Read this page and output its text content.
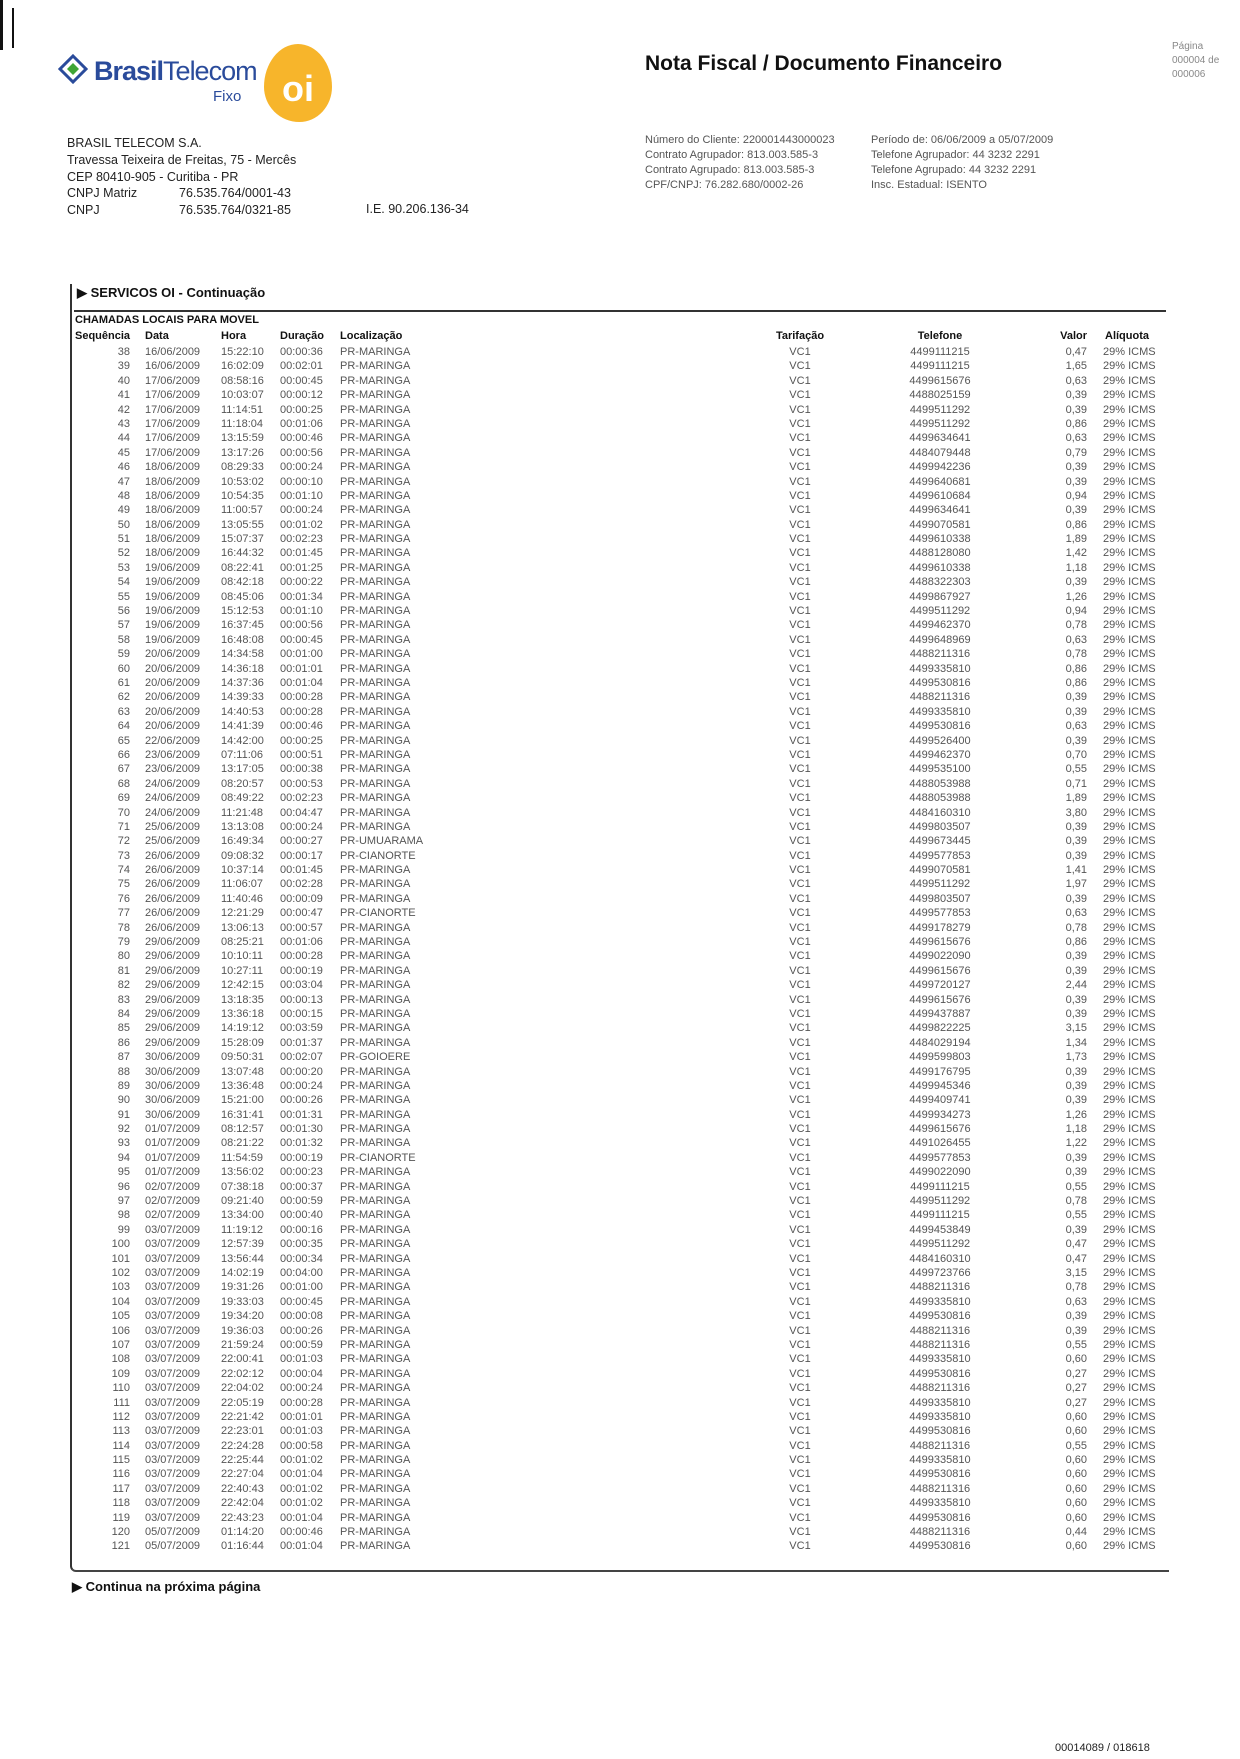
BrasilTelecom
Fixo	oi
Nota Fiscal / Documento Financeiro
Página
000004 de
000006
BRASIL TELECOM S.A.
Travessa Teixeira de Freitas, 75 - Mercês
CEP 80410-905 - Curitiba - PR
CNPJ Matriz	76.535.764/0001-43
CNPJ	76.535.764/0321-85	I.E. 90.206.136-34
Número do Cliente: 220001443000023
Contrato Agrupador: 813.003.585-3
Contrato Agrupado: 813.003.585-3
CPF/CNPJ: 76.282.680/0002-26
Período de: 06/06/2009 a 05/07/2009
Telefone Agrupador: 44 3232 2291
Telefone Agrupado: 44 3232 2291
Insc. Estadual: ISENTO
▶ SERVICOS OI - Continuação
CHAMADAS LOCAIS PARA MOVEL
Sequência Data	Hora	Duração Localização	Tarifação	Telefone	Valor Alíquota
38 16/06/2009 15:22:10 00:00:36 PR-MARINGA	VC1	4499111215	0,47 29% ICMS
39 16/06/2009 16:02:09 00:02:01 PR-MARINGA	VC1	4499111215	1,65 29% ICMS
40 17/06/2009 08:58:16 00:00:45 PR-MARINGA	VC1	4499615676	0,63 29% ICMS
41 17/06/2009 10:03:07 00:00:12 PR-MARINGA	VC1	4488025159	0,39 29% ICMS
42 17/06/2009 11:14:51 00:00:25 PR-MARINGA	VC1	4499511292	0,39 29% ICMS
43 17/06/2009 11:18:04 00:01:06 PR-MARINGA	VC1	4499511292	0,86 29% ICMS
44 17/06/2009 13:15:59 00:00:46 PR-MARINGA	VC1	4499634641	0,63 29% ICMS
45 17/06/2009 13:17:26 00:00:56 PR-MARINGA	VC1	4484079448	0,79 29% ICMS
46 18/06/2009 08:29:33 00:00:24 PR-MARINGA	VC1	4499942236	0,39 29% ICMS
47 18/06/2009 10:53:02 00:00:10 PR-MARINGA	VC1	4499640681	0,39 29% ICMS
48 18/06/2009 10:54:35 00:01:10 PR-MARINGA	VC1	4499610684	0,94 29% ICMS
49 18/06/2009 11:00:57 00:00:24 PR-MARINGA	VC1	4499634641	0,39 29% ICMS
50 18/06/2009 13:05:55 00:01:02 PR-MARINGA	VC1	4499070581	0,86 29% ICMS
51 18/06/2009 15:07:37 00:02:23 PR-MARINGA	VC1	4499610338	1,89 29% ICMS
52 18/06/2009 16:44:32 00:01:45 PR-MARINGA	VC1	4488128080	1,42 29% ICMS
53 19/06/2009 08:22:41 00:01:25 PR-MARINGA	VC1	4499610338	1,18 29% ICMS
54 19/06/2009 08:42:18 00:00:22 PR-MARINGA	VC1	4488322303	0,39 29% ICMS
55 19/06/2009 08:45:06 00:01:34 PR-MARINGA	VC1	4499867927	1,26 29% ICMS
56 19/06/2009 15:12:53 00:01:10 PR-MARINGA	VC1	4499511292	0,94 29% ICMS
57 19/06/2009 16:37:45 00:00:56 PR-MARINGA	VC1	4499462370	0,78 29% ICMS
58 19/06/2009 16:48:08 00:00:45 PR-MARINGA	VC1	4499648969	0,63 29% ICMS
59 20/06/2009 14:34:58 00:01:00 PR-MARINGA	VC1	4488211316	0,78 29% ICMS
60 20/06/2009 14:36:18 00:01:01 PR-MARINGA	VC1	4499335810	0,86 29% ICMS
61 20/06/2009 14:37:36 00:01:04 PR-MARINGA	VC1	4499530816	0,86 29% ICMS
62 20/06/2009 14:39:33 00:00:28 PR-MARINGA	VC1	4488211316	0,39 29% ICMS
63 20/06/2009 14:40:53 00:00:28 PR-MARINGA	VC1	4499335810	0,39 29% ICMS
64 20/06/2009 14:41:39 00:00:46 PR-MARINGA	VC1	4499530816	0,63 29% ICMS
65 22/06/2009 14:42:00 00:00:25 PR-MARINGA	VC1	4499526400	0,39 29% ICMS
66 23/06/2009 07:11:06 00:00:51 PR-MARINGA	VC1	4499462370	0,70 29% ICMS
67 23/06/2009 13:17:05 00:00:38 PR-MARINGA	VC1	4499535100	0,55 29% ICMS
68 24/06/2009 08:20:57 00:00:53 PR-MARINGA	VC1	4488053988	0,71 29% ICMS
69 24/06/2009 08:49:22 00:02:23 PR-MARINGA	VC1	4488053988	1,89 29% ICMS
70 24/06/2009 11:21:48 00:04:47 PR-MARINGA	VC1	4484160310	3,80 29% ICMS
71 25/06/2009 13:13:08 00:00:24 PR-MARINGA	VC1	4499803507	0,39 29% ICMS
72 25/06/2009 16:49:34 00:00:27 PR-UMUARAMA	VC1	4499673445	0,39 29% ICMS
73 26/06/2009 09:08:32 00:00:17 PR-CIANORTE	VC1	4499577853	0,39 29% ICMS
74 26/06/2009 10:37:14 00:01:45 PR-MARINGA	VC1	4499070581	1,41 29% ICMS
75 26/06/2009 11:06:07 00:02:28 PR-MARINGA	VC1	4499511292	1,97 29% ICMS
76 26/06/2009 11:40:46 00:00:09 PR-MARINGA	VC1	4499803507	0,39 29% ICMS
77 26/06/2009 12:21:29 00:00:47 PR-CIANORTE	VC1	4499577853	0,63 29% ICMS
78 26/06/2009 13:06:13 00:00:57 PR-MARINGA	VC1	4499178279	0,78 29% ICMS
79 29/06/2009 08:25:21 00:01:06 PR-MARINGA	VC1	4499615676	0,86 29% ICMS
80 29/06/2009 10:10:11 00:00:28 PR-MARINGA	VC1	4499022090	0,39 29% ICMS
81 29/06/2009 10:27:11 00:00:19 PR-MARINGA	VC1	4499615676	0,39 29% ICMS
82 29/06/2009 12:42:15 00:03:04 PR-MARINGA	VC1	4499720127	2,44 29% ICMS
83 29/06/2009 13:18:35 00:00:13 PR-MARINGA	VC1	4499615676	0,39 29% ICMS
84 29/06/2009 13:36:18 00:00:15 PR-MARINGA	VC1	4499437887	0,39 29% ICMS
85 29/06/2009 14:19:12 00:03:59 PR-MARINGA	VC1	4499822225	3,15 29% ICMS
86 29/06/2009 15:28:09 00:01:37 PR-MARINGA	VC1	4484029194	1,34 29% ICMS
87 30/06/2009 09:50:31 00:02:07 PR-GOIOERE	VC1	4499599803	1,73 29% ICMS
88 30/06/2009 13:07:48 00:00:20 PR-MARINGA	VC1	4499176795	0,39 29% ICMS
89 30/06/2009 13:36:48 00:00:24 PR-MARINGA	VC1	4499945346	0,39 29% ICMS
90 30/06/2009 15:21:00 00:00:26 PR-MARINGA	VC1	4499409741	0,39 29% ICMS
91 30/06/2009 16:31:41 00:01:31 PR-MARINGA	VC1	4499934273	1,26 29% ICMS
92 01/07/2009 08:12:57 00:01:30 PR-MARINGA	VC1	4499615676	1,18 29% ICMS
93 01/07/2009 08:21:22 00:01:32 PR-MARINGA	VC1	4491026455	1,22 29% ICMS
94 01/07/2009 11:54:59 00:00:19 PR-CIANORTE	VC1	4499577853	0,39 29% ICMS
95 01/07/2009 13:56:02 00:00:23 PR-MARINGA	VC1	4499022090	0,39 29% ICMS
96 02/07/2009 07:38:18 00:00:37 PR-MARINGA	VC1	4499111215	0,55 29% ICMS
97 02/07/2009 09:21:40 00:00:59 PR-MARINGA	VC1	4499511292	0,78 29% ICMS
98 02/07/2009 13:34:00 00:00:40 PR-MARINGA	VC1	4499111215	0,55 29% ICMS
99 03/07/2009 11:19:12 00:00:16 PR-MARINGA	VC1	4499453849	0,39 29% ICMS
100 03/07/2009 12:57:39 00:00:35 PR-MARINGA	VC1	4499511292	0,47 29% ICMS
101 03/07/2009 13:56:44 00:00:34 PR-MARINGA	VC1	4484160310	0,47 29% ICMS
102 03/07/2009 14:02:19 00:04:00 PR-MARINGA	VC1	4499723766	3,15 29% ICMS
103 03/07/2009 19:31:26 00:01:00 PR-MARINGA	VC1	4488211316	0,78 29% ICMS
104 03/07/2009 19:33:03 00:00:45 PR-MARINGA	VC1	4499335810	0,63 29% ICMS
105 03/07/2009 19:34:20 00:00:08 PR-MARINGA	VC1	4499530816	0,39 29% ICMS
106 03/07/2009 19:36:03 00:00:26 PR-MARINGA	VC1	4488211316	0,39 29% ICMS
107 03/07/2009 21:59:24 00:00:59 PR-MARINGA	VC1	4488211316	0,55 29% ICMS
108 03/07/2009 22:00:41 00:01:03 PR-MARINGA	VC1	4499335810	0,60 29% ICMS
109 03/07/2009 22:02:12 00:00:04 PR-MARINGA	VC1	4499530816	0,27 29% ICMS
110 03/07/2009 22:04:02 00:00:24 PR-MARINGA	VC1	4488211316	0,27 29% ICMS
111 03/07/2009 22:05:19 00:00:28 PR-MARINGA	VC1	4499335810	0,27 29% ICMS
112 03/07/2009 22:21:42 00:01:01 PR-MARINGA	VC1	4499335810	0,60 29% ICMS
113 03/07/2009 22:23:01 00:01:03 PR-MARINGA	VC1	4499530816	0,60 29% ICMS
114 03/07/2009 22:24:28 00:00:58 PR-MARINGA	VC1	4488211316	0,55 29% ICMS
115 03/07/2009 22:25:44 00:01:02 PR-MARINGA	VC1	4499335810	0,60 29% ICMS
116 03/07/2009 22:27:04 00:01:04 PR-MARINGA	VC1	4499530816	0,60 29% ICMS
117 03/07/2009 22:40:43 00:01:02 PR-MARINGA	VC1	4488211316	0,60 29% ICMS
118 03/07/2009 22:42:04 00:01:02 PR-MARINGA	VC1	4499335810	0,60 29% ICMS
119 03/07/2009 22:43:23 00:01:04 PR-MARINGA	VC1	4499530816	0,60 29% ICMS
120 05/07/2009 01:14:20 00:00:46 PR-MARINGA	VC1	4488211316	0,44 29% ICMS
121 05/07/2009 01:16:44 00:01:04 PR-MARINGA	VC1	4499530816	0,60 29% ICMS
▶ Continua na próxima página
00014089 / 018618
